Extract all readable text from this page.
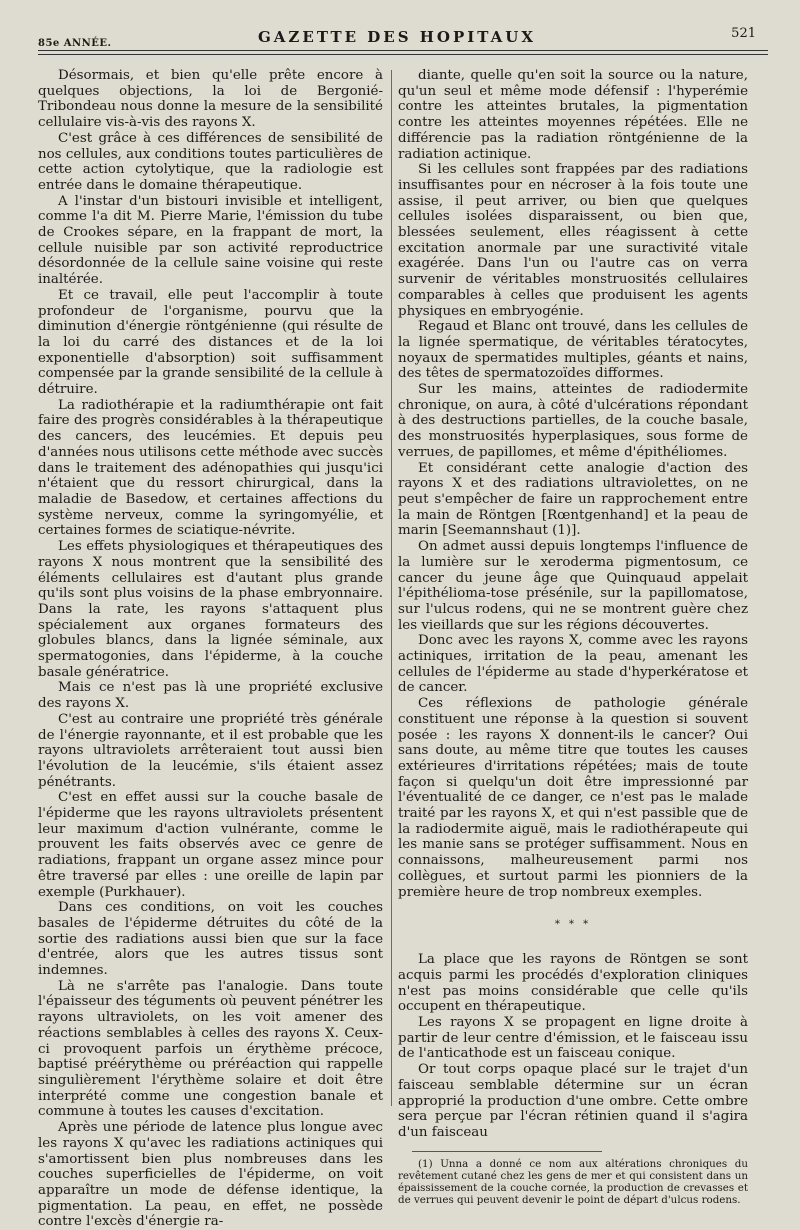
85e ANNÉE.	GAZETTE DES HOPITAUX	521

Désormais, et bien qu'elle prête encore à quelques objections, la loi de Bergonié-Tribondeau nous donne la mesure de la sensibilité cellulaire vis-à-vis des rayons X.

C'est grâce à ces différences de sensibilité de nos cellules, aux conditions toutes particulières de cette action cytolytique, que la radiologie est entrée dans le domaine thérapeutique.

A l'instar d'un bistouri invisible et intelligent, comme l'a dit M. Pierre Marie, l'émission du tube de Crookes sépare, en la frappant de mort, la cellule nuisible par son activité reproductrice désordonnée de la cellule saine voisine qui reste inaltérée.

Et ce travail, elle peut l'accomplir à toute profondeur de l'organisme, pourvu que la diminution d'énergie röntgénienne (qui résulte de la loi du carré des distances et de la loi exponentielle d'absorption) soit suffisamment compensée par la grande sensibilité de la cellule à détruire.

La radiothérapie et la radiumthérapie ont fait faire des progrès considérables à la thérapeutique des cancers, des leucémies. Et depuis peu d'années nous utilisons cette méthode avec succès dans le traitement des adénopathies qui jusqu'ici n'étaient que du ressort chirurgical, dans la maladie de Basedow, et certaines affections du système nerveux, comme la syringomyélie, et certaines formes de sciatique-névrite.

Les effets physiologiques et thérapeutiques des rayons X nous montrent que la sensibilité des éléments cellulaires est d'autant plus grande qu'ils sont plus voisins de la phase embryonnaire. Dans la rate, les rayons s'attaquent plus spécialement aux organes formateurs des globules blancs, dans la lignée séminale, aux spermatogonies, dans l'épiderme, à la couche basale génératrice.

Mais ce n'est pas là une propriété exclusive des rayons X.

C'est au contraire une propriété très générale de l'énergie rayonnante, et il est probable que les rayons ultraviolets arrêteraient tout aussi bien l'évolution de la leucémie, s'ils étaient assez pénétrants.

C'est en effet aussi sur la couche basale de l'épiderme que les rayons ultraviolets présentent leur maximum d'action vulnérante, comme le prouvent les faits observés avec ce genre de radiations, frappant un organe assez mince pour être traversé par elles : une oreille de lapin par exemple (Purkhauer).

Dans ces conditions, on voit les couches basales de l'épiderme détruites du côté de la sortie des radiations aussi bien que sur la face d'entrée, alors que les autres tissus sont indemnes.

Là ne s'arrête pas l'analogie. Dans toute l'épaisseur des téguments où peuvent pénétrer les rayons ultraviolets, on les voit amener des réactions semblables à celles des rayons X. Ceux-ci provoquent parfois un érythème précoce, baptisé préérythème ou préréaction qui rappelle singulièrement l'érythème solaire et doit être interprété comme une congestion banale et commune à toutes les causes d'excitation.

Après une période de latence plus longue avec les rayons X qu'avec les radiations actiniques qui s'amortissent bien plus nombreuses dans les couches superficielles de l'épiderme, on voit apparaître un mode de défense identique, la pigmentation. La peau, en effet, ne possède contre l'excès d'énergie ra-

diante, quelle qu'en soit la source ou la nature, qu'un seul et même mode défensif : l'hyperémie contre les atteintes brutales, la pigmentation contre les atteintes moyennes répétées. Elle ne différencie pas la radiation röntgénienne de la radiation actinique.

Si les cellules sont frappées par des radiations insuffisantes pour en nécroser à la fois toute une assise, il peut arriver, ou bien que quelques cellules isolées disparaissent, ou bien que, blessées seulement, elles réagissent à cette excitation anormale par une suractivité vitale exagérée. Dans l'un ou l'autre cas on verra survenir de véritables monstruosités cellulaires comparables à celles que produisent les agents physiques en embryogénie.

Regaud et Blanc ont trouvé, dans les cellules de la lignée spermatique, de véritables tératocytes, noyaux de spermatides multiples, géants et nains, des têtes de spermatozoïdes difformes.

Sur les mains, atteintes de radiodermite chronique, on aura, à côté d'ulcérations répondant à des destructions partielles, de la couche basale, des monstruosités hyperplasiques, sous forme de verrues, de papillomes, et même d'épithéliomes.

Et considérant cette analogie d'action des rayons X et des radiations ultraviolettes, on ne peut s'empêcher de faire un rapprochement entre la main de Röntgen [Rœntgenhand] et la peau de marin [Seemannshaut (1)].

On admet aussi depuis longtemps l'influence de la lumière sur le xeroderma pigmentosum, ce cancer du jeune âge que Quinquaud appelait l'épithélioma-tose présénile, sur la papillomatose, sur l'ulcus rodens, qui ne se montrent guère chez les vieillards que sur les régions découvertes.

Donc avec les rayons X, comme avec les rayons actiniques, irritation de la peau, amenant les cellules de l'épiderme au stade d'hyperkératose et de cancer.

Ces réflexions de pathologie générale constituent une réponse à la question si souvent posée : les rayons X donnent-ils le cancer? Oui sans doute, au même titre que toutes les causes extérieures d'irritations répétées; mais de toute façon si quelqu'un doit être impressionné par l'éventualité de ce danger, ce n'est pas le malade traité par les rayons X, et qui n'est passible que de la radiodermite aiguë, mais le radiothérapeute qui les manie sans se protéger suffisamment. Nous en connaissons, malheureusement parmi nos collègues, et surtout parmi les pionniers de la première heure de trop nombreux exemples.

* * *

La place que les rayons de Röntgen se sont acquis parmi les procédés d'exploration cliniques n'est pas moins considérable que celle qu'ils occupent en thérapeutique.

Les rayons X se propagent en ligne droite à partir de leur centre d'émission, et le faisceau issu de l'anticathode est un faisceau conique.

Or tout corps opaque placé sur le trajet d'un faisceau semblable détermine sur un écran approprié la production d'une ombre. Cette ombre sera perçue par l'écran rétinien quand il s'agira d'un faisceau

(1) Unna a donné ce nom aux altérations chroniques du revêtement cutané chez les gens de mer et qui consistent dans un épaississement de la couche cornée, la production de crevasses et de verrues qui peuvent devenir le point de départ d'ulcus rodens.
